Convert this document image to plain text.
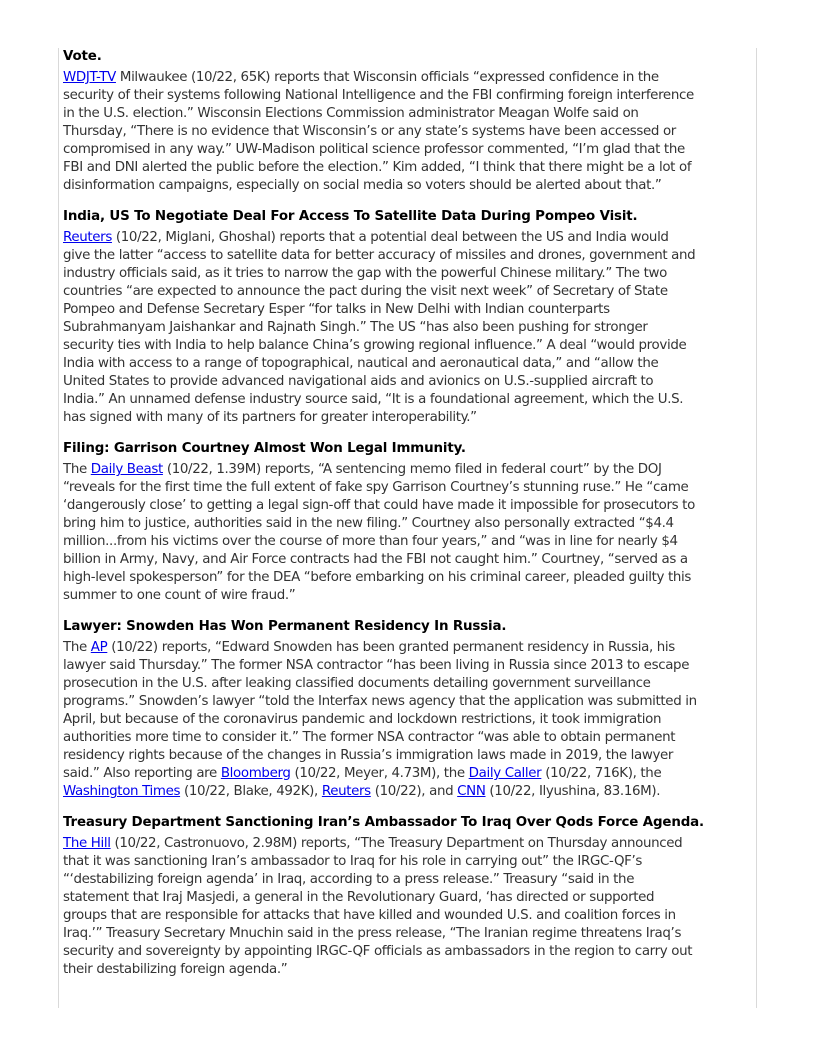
Vote.
WDJT-TV Milwaukee (10/22, 65K) reports that Wisconsin officials “expressed confidence in the
security of their systems following National Intelligence and the FBI confirming foreign interference
in the U.S. election.” Wisconsin Elections Commission administrator Meagan Wolfe said on
Thursday, “There is no evidence that Wisconsin’s or any state’s systems have been accessed or
compromised in any way.” UW-Madison political science professor commented, “I’m glad that the
FBI and DNI alerted the public before the election.” Kim added, “I think that there might be a lot of
disinformation campaigns, especially on social media so voters should be alerted about that.”
India, US To Negotiate Deal For Access To Satellite Data During Pompeo Visit.
Reuters (10/22, Miglani, Ghoshal) reports that a potential deal between the US and India would
give the latter “access to satellite data for better accuracy of missiles and drones, government and
industry officials said, as it tries to narrow the gap with the powerful Chinese military.” The two
countries “are expected to announce the pact during the visit next week” of Secretary of State
Pompeo and Defense Secretary Esper “for talks in New Delhi with Indian counterparts
Subrahmanyam Jaishankar and Rajnath Singh.” The US “has also been pushing for stronger
security ties with India to help balance China’s growing regional influence.” A deal “would provide
India with access to a range of topographical, nautical and aeronautical data,” and “allow the
United States to provide advanced navigational aids and avionics on U.S.-supplied aircraft to
India.” An unnamed defense industry source said, “It is a foundational agreement, which the U.S.
has signed with many of its partners for greater interoperability.”
Filing: Garrison Courtney Almost Won Legal Immunity.
The Daily Beast (10/22, 1.39M) reports, “A sentencing memo filed in federal court” by the DOJ
“reveals for the first time the full extent of fake spy Garrison Courtney’s stunning ruse.” He “came
‘dangerously close’ to getting a legal sign-off that could have made it impossible for prosecutors to
bring him to justice, authorities said in the new filing.” Courtney also personally extracted “$4.4
million...from his victims over the course of more than four years,” and “was in line for nearly $4
billion in Army, Navy, and Air Force contracts had the FBI not caught him.” Courtney, “served as a
high-level spokesperson” for the DEA “before embarking on his criminal career, pleaded guilty this
summer to one count of wire fraud.”
Lawyer: Snowden Has Won Permanent Residency In Russia.
The AP (10/22) reports, “Edward Snowden has been granted permanent residency in Russia, his
lawyer said Thursday.” The former NSA contractor “has been living in Russia since 2013 to escape
prosecution in the U.S. after leaking classified documents detailing government surveillance
programs.” Snowden’s lawyer “told the Interfax news agency that the application was submitted in
April, but because of the coronavirus pandemic and lockdown restrictions, it took immigration
authorities more time to consider it.” The former NSA contractor “was able to obtain permanent
residency rights because of the changes in Russia’s immigration laws made in 2019, the lawyer
said.” Also reporting are Bloomberg (10/22, Meyer, 4.73M), the Daily Caller (10/22, 716K), the
Washington Times (10/22, Blake, 492K), Reuters (10/22), and CNN (10/22, Ilyushina, 83.16M).
Treasury Department Sanctioning Iran’s Ambassador To Iraq Over Qods Force Agenda.
The Hill (10/22, Castronuovo, 2.98M) reports, “The Treasury Department on Thursday announced
that it was sanctioning Iran’s ambassador to Iraq for his role in carrying out” the IRGC-QF’s
“‘destabilizing foreign agenda’ in Iraq, according to a press release.” Treasury “said in the
statement that Iraj Masjedi, a general in the Revolutionary Guard, ‘has directed or supported
groups that are responsible for attacks that have killed and wounded U.S. and coalition forces in
Iraq.’” Treasury Secretary Mnuchin said in the press release, “The Iranian regime threatens Iraq’s
security and sovereignty by appointing IRGC-QF officials as ambassadors in the region to carry out
their destabilizing foreign agenda.”
